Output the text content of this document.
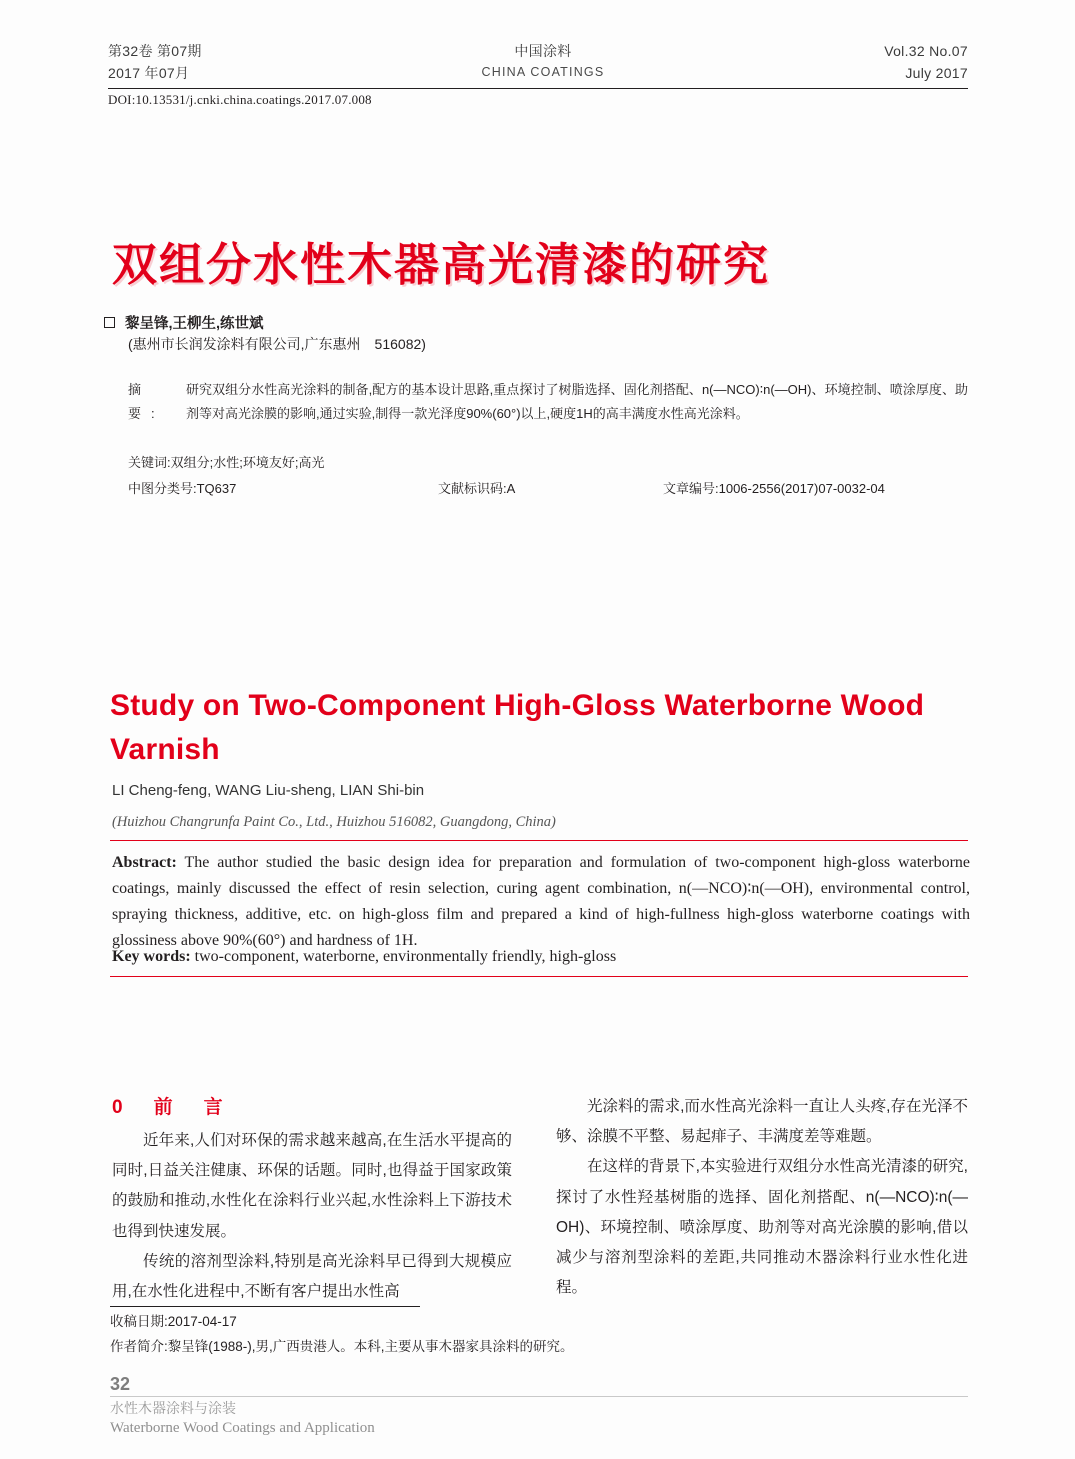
第32卷 第07期
2017 年07月
中国涂料
CHINA COATINGS
Vol.32 No.07
July 2017
DOI:10.13531/j.cnki.china.coatings.2017.07.008
双组分水性木器高光清漆的研究
黎呈锋,王柳生,练世斌
(惠州市长润发涂料有限公司,广东惠州　516082)
摘　要:
研究双组分水性高光涂料的制备,配方的基本设计思路,重点探讨了树脂选择、固化剂搭配、n(—NCO)∶n(—OH)、环境控制、喷涂厚度、助剂等对高光涂膜的影响,通过实验,制得一款光泽度90%(60°)以上,硬度1H的高丰满度水性高光涂料。
关键词:双组分;水性;环境友好;高光
中图分类号:TQ637	文献标识码:A	文章编号:1006-2556(2017)07-0032-04
Study on Two-Component High-Gloss Waterborne Wood Varnish
LI Cheng-feng, WANG Liu-sheng, LIAN Shi-bin
(Huizhou Changrunfa Paint Co., Ltd., Huizhou 516082, Guangdong, China)
Abstract: The author studied the basic design idea for preparation and formulation of two-component high-gloss waterborne coatings, mainly discussed the effect of resin selection, curing agent combination, n(—NCO)∶n(—OH), environmental control, spraying thickness, additive, etc. on high-gloss film and prepared a kind of high-fullness high-gloss waterborne coatings with glossiness above 90%(60°) and hardness of 1H.
Key words: two-component, waterborne, environmentally friendly, high-gloss
0　前　言

近年来,人们对环保的需求越来越高,在生活水平提高的同时,日益关注健康、环保的话题。同时,也得益于国家政策的鼓励和推动,水性化在涂料行业兴起,水性涂料上下游技术也得到快速发展。

传统的溶剂型涂料,特别是高光涂料早已得到大规模应用,在水性化进程中,不断有客户提出水性高

光涂料的需求,而水性高光涂料一直让人头疼,存在光泽不够、涂膜不平整、易起痱子、丰满度差等难题。

在这样的背景下,本实验进行双组分水性高光清漆的研究,探讨了水性羟基树脂的选择、固化剂搭配、n(—NCO)∶n(—OH)、环境控制、喷涂厚度、助剂等对高光涂膜的影响,借以减少与溶剂型涂料的差距,共同推动木器涂料行业水性化进程。

收稿日期:2017-04-17
作者简介:黎呈锋(1988-),男,广西贵港人。本科,主要从事木器家具涂料的研究。
32
水性木器涂料与涂装
Waterborne Wood Coatings and Application
